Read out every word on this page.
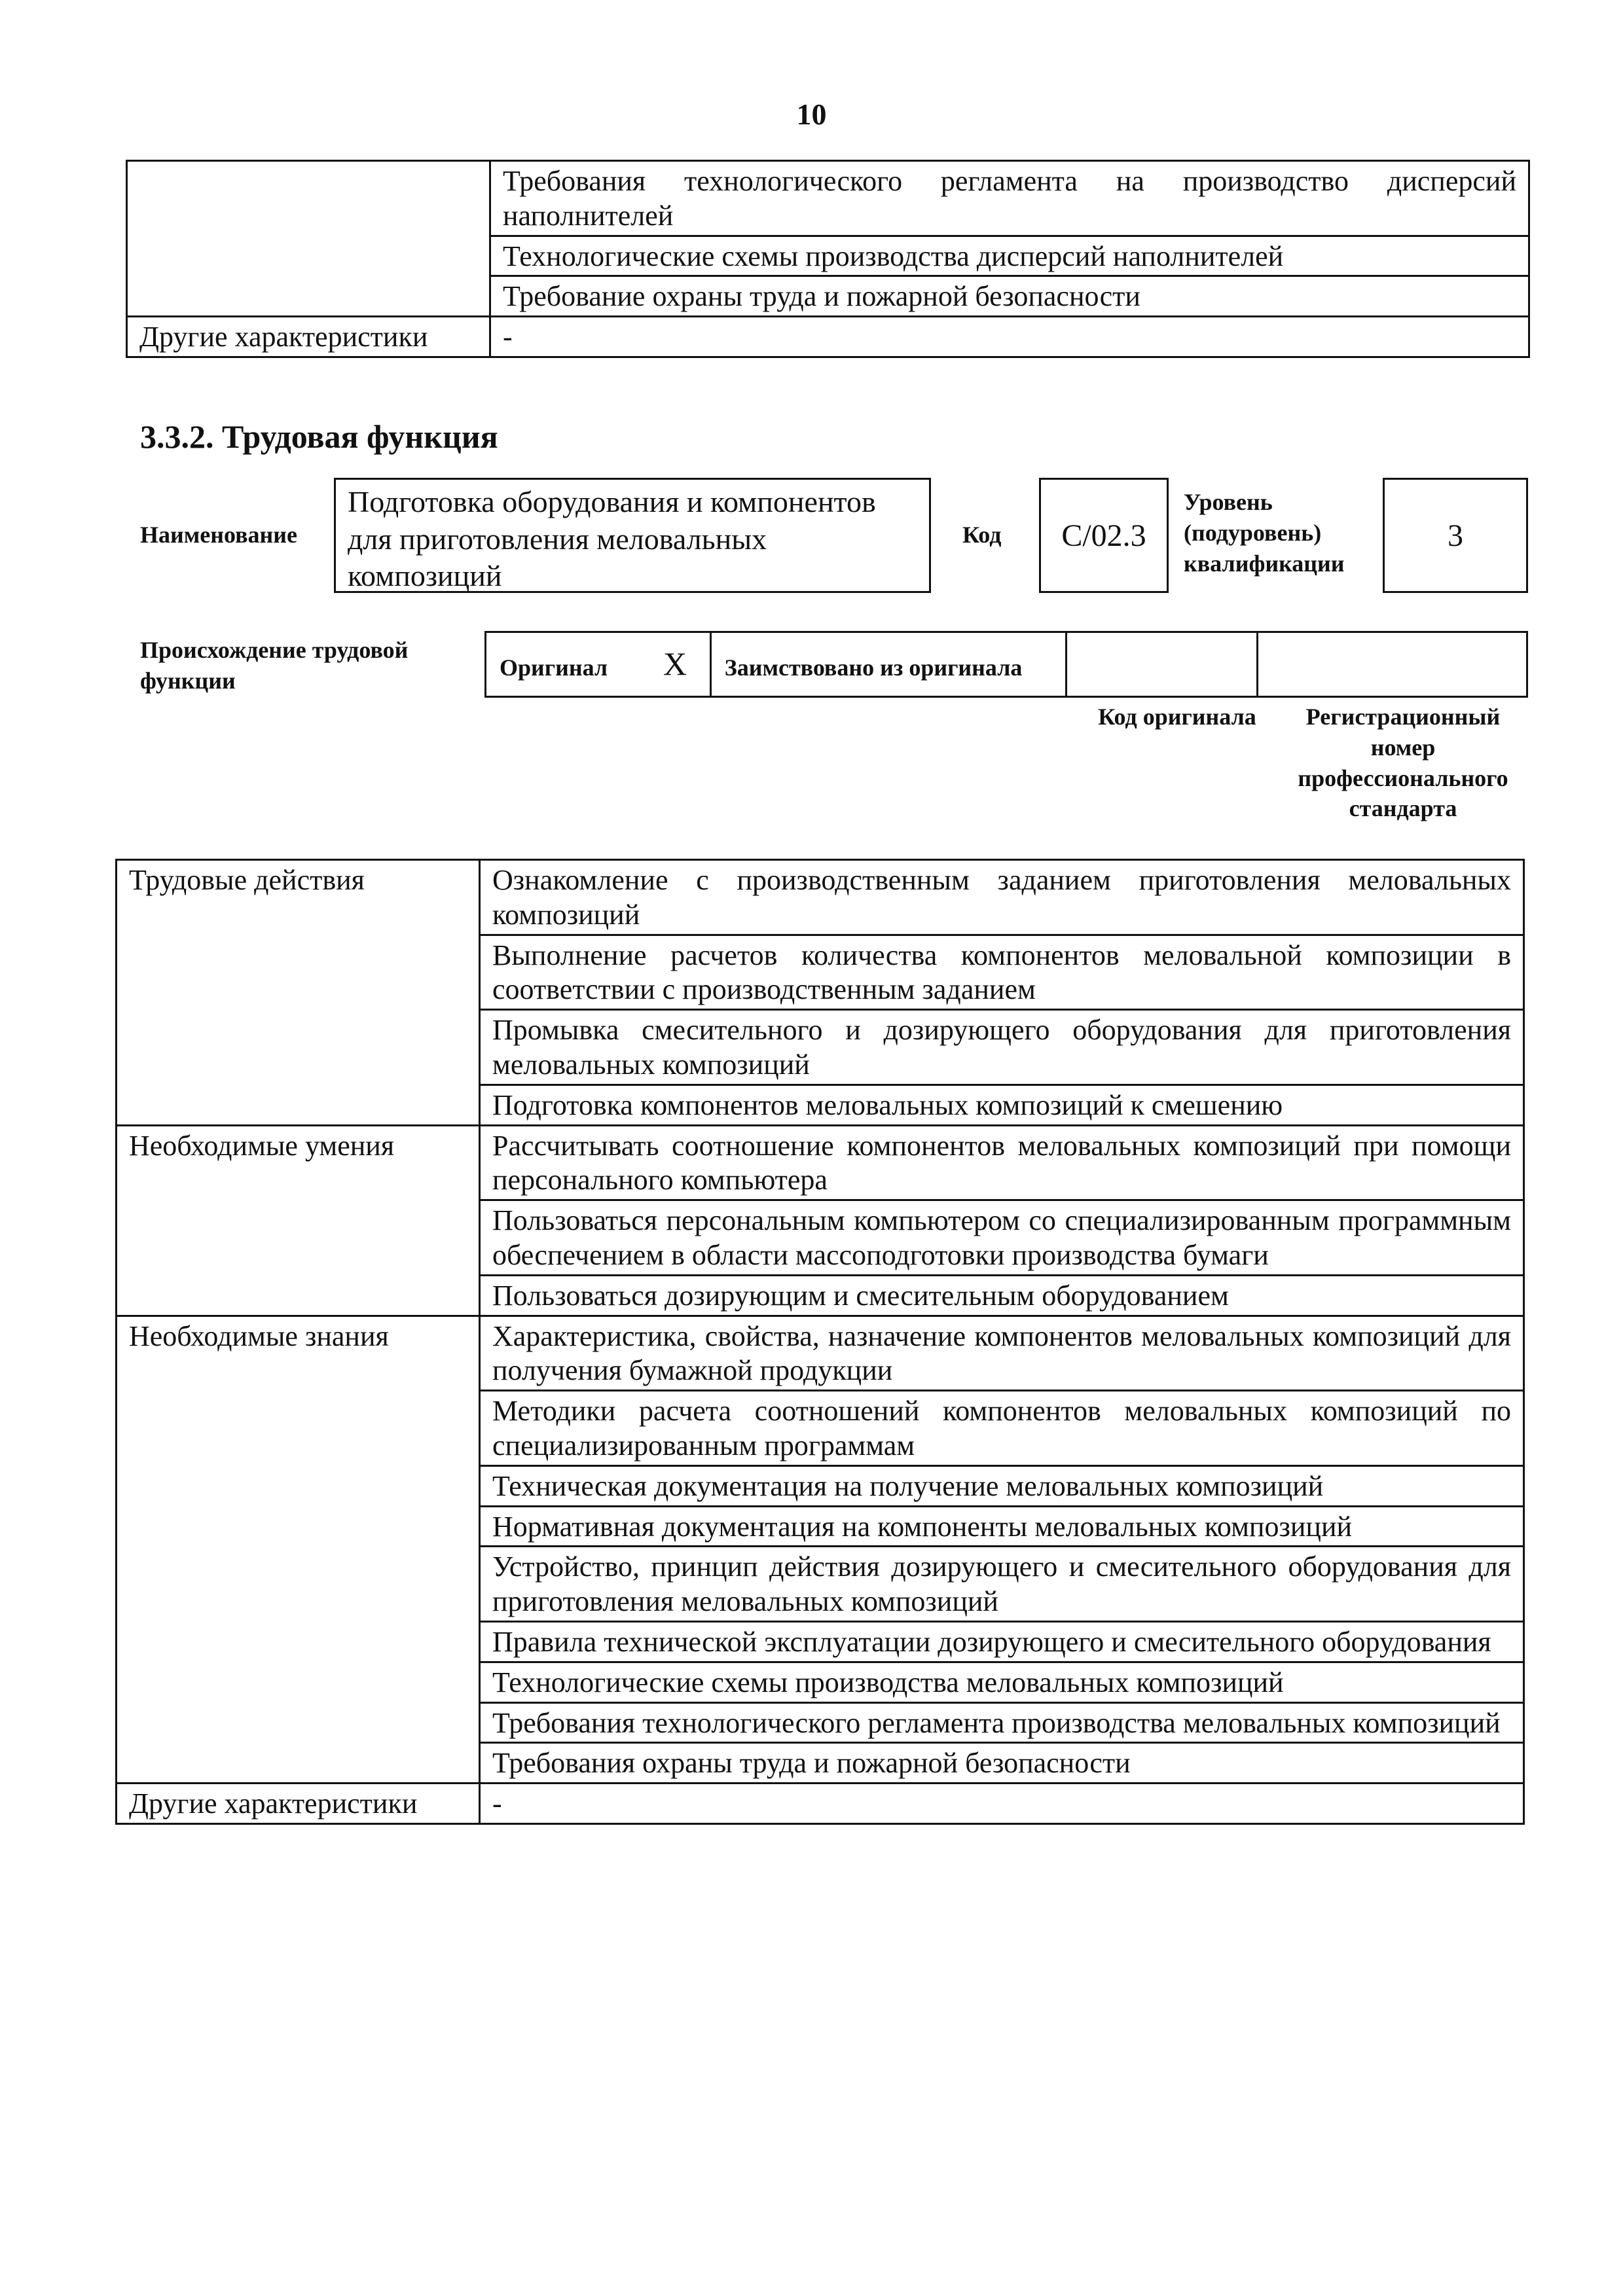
10
	Требования технологического регламента на производство дисперсий наполнителей
	Технологические схемы производства дисперсий наполнителей
	Требование охраны труда и пожарной безопасности
Другие характеристики	-
3.3.2. Трудовая функция
Наименование
Подготовка оборудования и компонентов для приготовления меловальных композиций
Код	С/02.3
Уровень (подуровень) квалификации
3
Происхождение трудовой функции	Оригинал X Заимствовано из оригинала
Код оригинала	Регистрационный номер профессионального стандарта
Трудовые действия	Ознакомление с производственным заданием приготовления меловальных композиций
	Выполнение расчетов количества компонентов меловальной композиции в соответствии с производственным заданием
	Промывка смесительного и дозирующего оборудования для приготовления меловальных композиций
	Подготовка компонентов меловальных композиций к смешению
Необходимые умения	Рассчитывать соотношение компонентов меловальных композиций при помощи персонального компьютера
	Пользоваться персональным компьютером со специализированным программным обеспечением в области массоподготовки производства бумаги
	Пользоваться дозирующим и смесительным оборудованием
Необходимые знания	Характеристика, свойства, назначение компонентов меловальных композиций для получения бумажной продукции
	Методики расчета соотношений компонентов меловальных композиций по специализированным программам
	Техническая документация на получение меловальных композиций
	Нормативная документация на компоненты меловальных композиций
	Устройство, принцип действия дозирующего и смесительного оборудования для приготовления меловальных композиций
	Правила технической эксплуатации дозирующего и смесительного оборудования
	Технологические схемы производства меловальных композиций
	Требования технологического регламента производства меловальных композиций
	Требования охраны труда и пожарной безопасности
Другие характеристики	-
